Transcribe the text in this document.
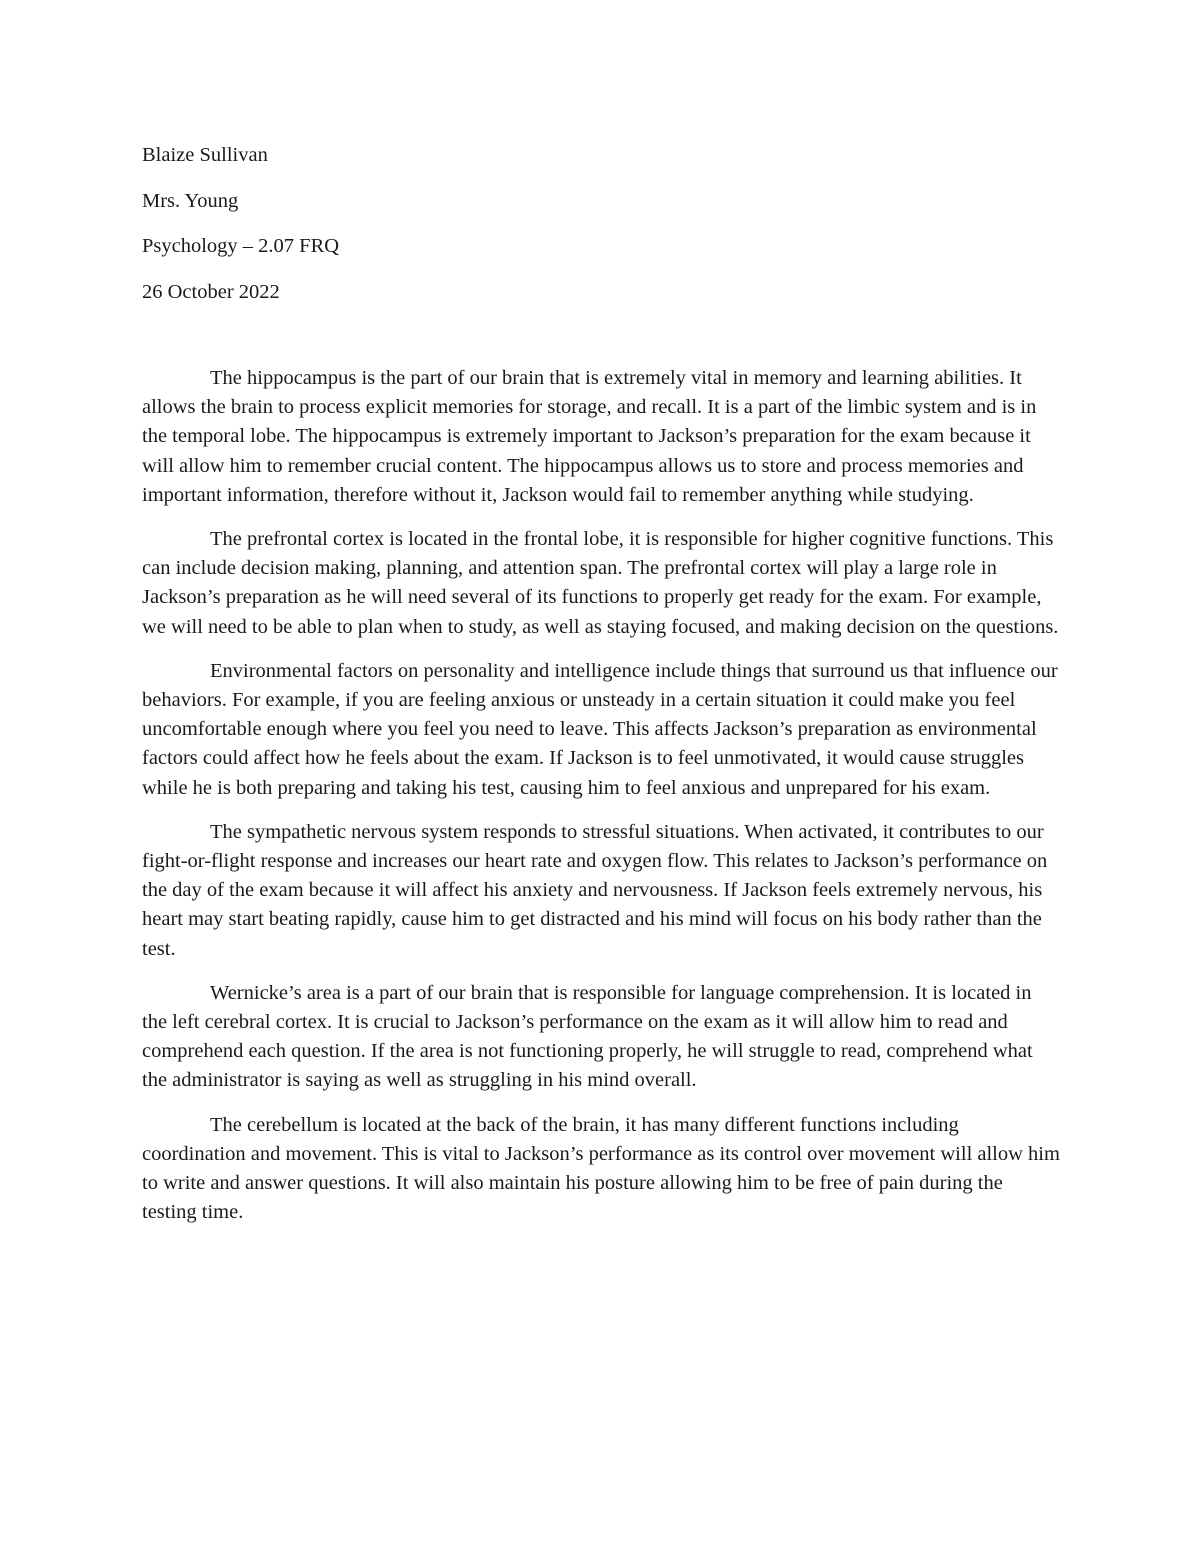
Blaize Sullivan
Mrs. Young
Psychology – 2.07 FRQ
26 October 2022

The hippocampus is the part of our brain that is extremely vital in memory and learning abilities. It allows the brain to process explicit memories for storage, and recall. It is a part of the limbic system and is in the temporal lobe. The hippocampus is extremely important to Jackson’s preparation for the exam because it will allow him to remember crucial content. The hippocampus allows us to store and process memories and important information, therefore without it, Jackson would fail to remember anything while studying.

The prefrontal cortex is located in the frontal lobe, it is responsible for higher cognitive functions. This can include decision making, planning, and attention span. The prefrontal cortex will play a large role in Jackson’s preparation as he will need several of its functions to properly get ready for the exam. For example, we will need to be able to plan when to study, as well as staying focused, and making decision on the questions.

Environmental factors on personality and intelligence include things that surround us that influence our behaviors. For example, if you are feeling anxious or unsteady in a certain situation it could make you feel uncomfortable enough where you feel you need to leave. This affects Jackson’s preparation as environmental factors could affect how he feels about the exam. If Jackson is to feel unmotivated, it would cause struggles while he is both preparing and taking his test, causing him to feel anxious and unprepared for his exam.

The sympathetic nervous system responds to stressful situations. When activated, it contributes to our fight-or-flight response and increases our heart rate and oxygen flow. This relates to Jackson’s performance on the day of the exam because it will affect his anxiety and nervousness. If Jackson feels extremely nervous, his heart may start beating rapidly, cause him to get distracted and his mind will focus on his body rather than the test.

Wernicke’s area is a part of our brain that is responsible for language comprehension. It is located in the left cerebral cortex. It is crucial to Jackson’s performance on the exam as it will allow him to read and comprehend each question. If the area is not functioning properly, he will struggle to read, comprehend what the administrator is saying as well as struggling in his mind overall.

The cerebellum is located at the back of the brain, it has many different functions including coordination and movement. This is vital to Jackson’s performance as its control over movement will allow him to write and answer questions. It will also maintain his posture allowing him to be free of pain during the testing time.
